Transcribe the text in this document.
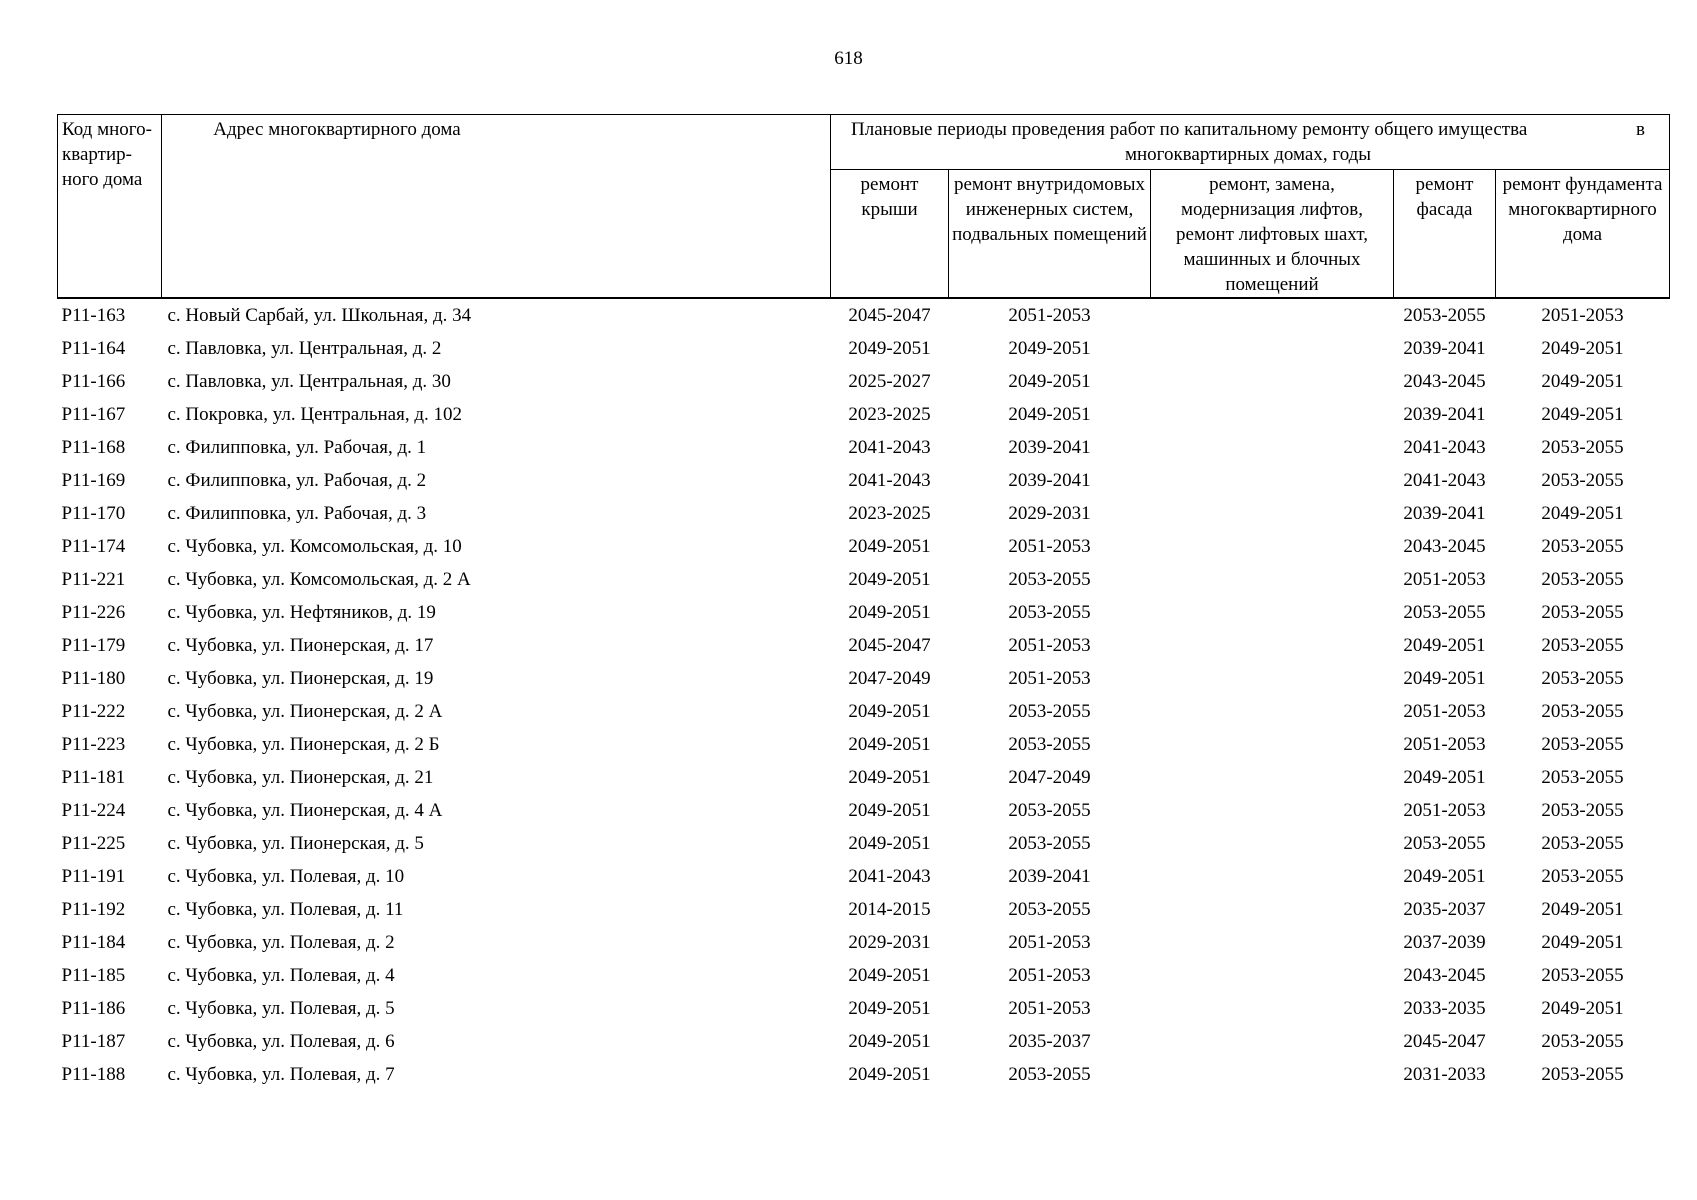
618
Код много-квартир-ного дома	Адрес многоквартирного дома	Плановые периоды проведения работ по капитальному ремонту общего имущества в
многоквартирных домах, годы				

		ремонт крыши	ремонт внутридомовых инженерных систем, подвальных помещений	ремонт, замена, модернизация лифтов, ремонт лифтовых шахт, машинных и блочных помещений	ремонт фасада	ремонт фундамента многоквартирного дома
Р11-163	с. Новый Сарбай, ул. Школьная, д. 34	2045-2047	2051-2053		2053-2055	2051-2053
Р11-164	с. Павловка, ул. Центральная, д. 2	2049-2051	2049-2051		2039-2041	2049-2051
Р11-166	с. Павловка, ул. Центральная, д. 30	2025-2027	2049-2051		2043-2045	2049-2051
Р11-167	с. Покровка, ул. Центральная, д. 102	2023-2025	2049-2051		2039-2041	2049-2051
Р11-168	с. Филипповка, ул. Рабочая, д. 1	2041-2043	2039-2041		2041-2043	2053-2055
Р11-169	с. Филипповка, ул. Рабочая, д. 2	2041-2043	2039-2041		2041-2043	2053-2055
Р11-170	с. Филипповка, ул. Рабочая, д. 3	2023-2025	2029-2031		2039-2041	2049-2051
Р11-174	с. Чубовка, ул. Комсомольская, д. 10	2049-2051	2051-2053		2043-2045	2053-2055
Р11-221	с. Чубовка, ул. Комсомольская, д. 2 А	2049-2051	2053-2055		2051-2053	2053-2055
Р11-226	с. Чубовка, ул. Нефтяников, д. 19	2049-2051	2053-2055		2053-2055	2053-2055
Р11-179	с. Чубовка, ул. Пионерская, д. 17	2045-2047	2051-2053		2049-2051	2053-2055
Р11-180	с. Чубовка, ул. Пионерская, д. 19	2047-2049	2051-2053		2049-2051	2053-2055
Р11-222	с. Чубовка, ул. Пионерская, д. 2 А	2049-2051	2053-2055		2051-2053	2053-2055
Р11-223	с. Чубовка, ул. Пионерская, д. 2 Б	2049-2051	2053-2055		2051-2053	2053-2055
Р11-181	с. Чубовка, ул. Пионерская, д. 21	2049-2051	2047-2049		2049-2051	2053-2055
Р11-224	с. Чубовка, ул. Пионерская, д. 4 А	2049-2051	2053-2055		2051-2053	2053-2055
Р11-225	с. Чубовка, ул. Пионерская, д. 5	2049-2051	2053-2055		2053-2055	2053-2055
Р11-191	с. Чубовка, ул. Полевая, д. 10	2041-2043	2039-2041		2049-2051	2053-2055
Р11-192	с. Чубовка, ул. Полевая, д. 11	2014-2015	2053-2055		2035-2037	2049-2051
Р11-184	с. Чубовка, ул. Полевая, д. 2	2029-2031	2051-2053		2037-2039	2049-2051
Р11-185	с. Чубовка, ул. Полевая, д. 4	2049-2051	2051-2053		2043-2045	2053-2055
Р11-186	с. Чубовка, ул. Полевая, д. 5	2049-2051	2051-2053		2033-2035	2049-2051
Р11-187	с. Чубовка, ул. Полевая, д. 6	2049-2051	2035-2037		2045-2047	2053-2055
Р11-188	с. Чубовка, ул. Полевая, д. 7	2049-2051	2053-2055		2031-2033	2053-2055
